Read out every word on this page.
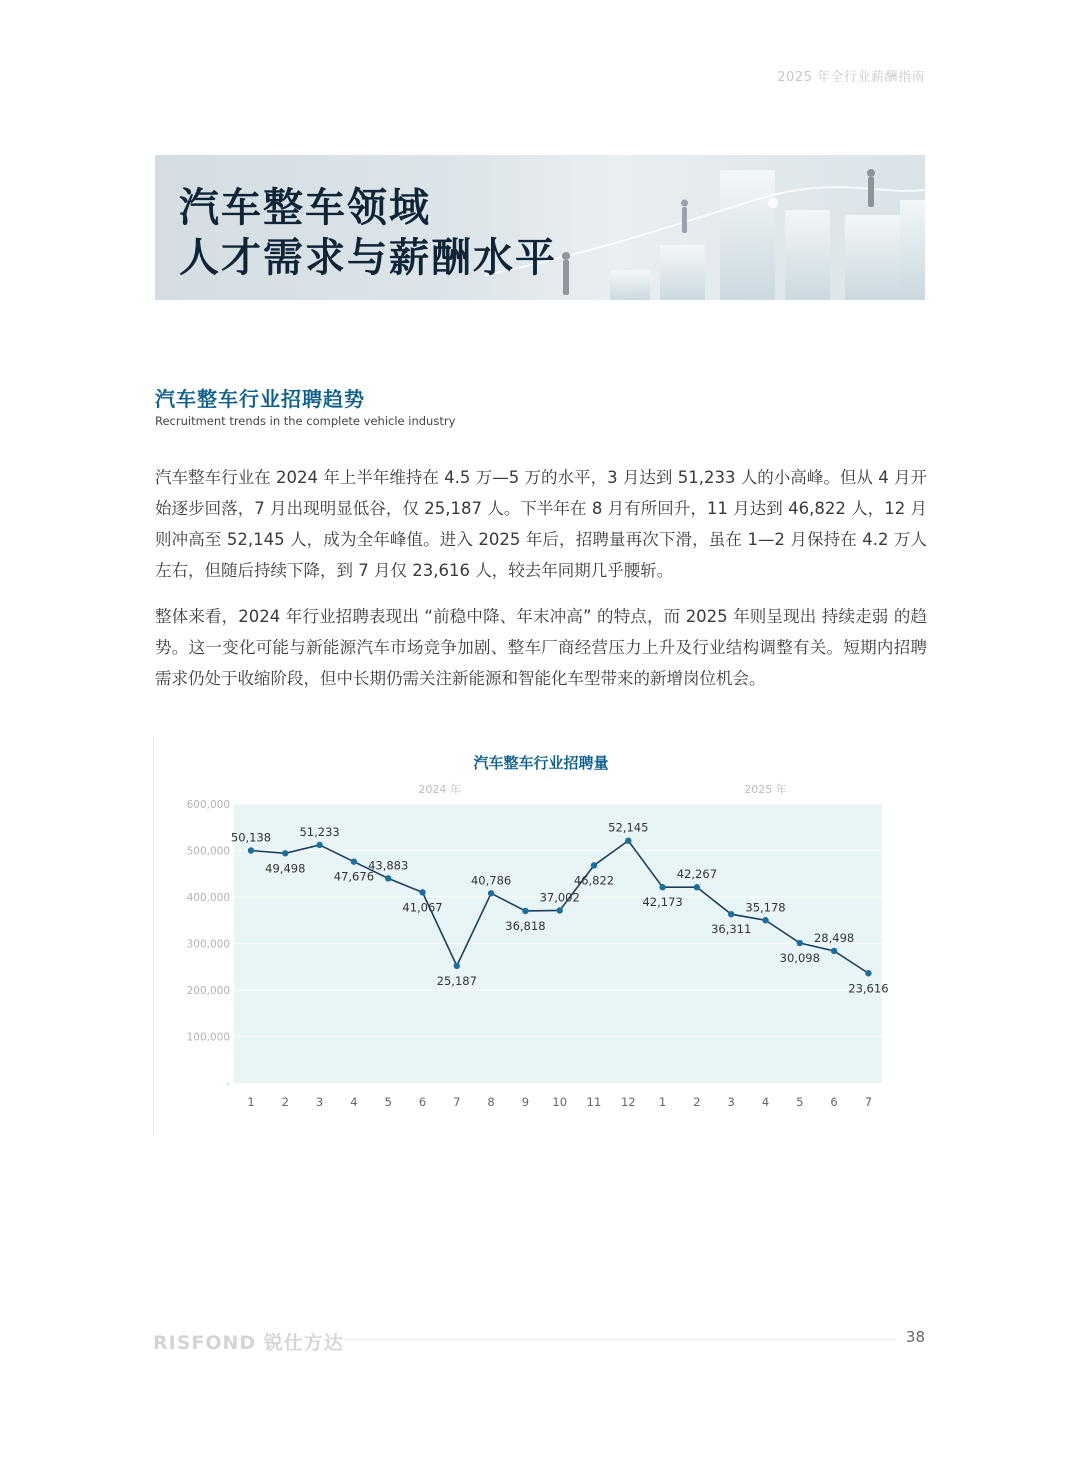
2025 年全行业薪酬指南
汽车整车领域
人才需求与薪酬水平
汽车整车行业招聘趋势
Recruitment trends in the complete vehicle industry

汽车整车行业在 2024 年上半年维持在 4.5 万—5 万的水平，3 月达到 51,233 人的小高峰。但从 4 月开始逐步回落，7 月出现明显低谷，仅 25,187 人。下半年在 8 月有所回升，11 月达到 46,822 人，12 月则冲高至 52,145 人，成为全年峰值。进入 2025 年后，招聘量再次下滑，虽在 1—2 月保持在 4.2 万人左右，但随后持续下降，到 7 月仅 23,616 人，较去年同期几乎腰斩。

整体来看，2024 年行业招聘表现出 “前稳中降、年末冲高” 的特点，而 2025 年则呈现出 持续走弱 的趋势。这一变化可能与新能源汽车市场竞争加剧、整车厂商经营压力上升及行业结构调整有关。短期内招聘需求仍处于收缩阶段，但中长期仍需关注新能源和智能化车型带来的新增岗位机会。

-
100,000
200,000
300,000
400,000
500,000
600,000
汽车整车行业招聘量
2024 年	2025 年
1 2 3 4 5 6 7 8 9 10 11 12 1 2 3 4 5 6 7
50,138
49,498
51,233
47,676
43,883
41,067
25,187
40,786
36,818
37,002
46,822
52,145
42,173
42,267
36,311
35,178
30,098
28,498
23,616
RISFOND 锐仕方达	38
